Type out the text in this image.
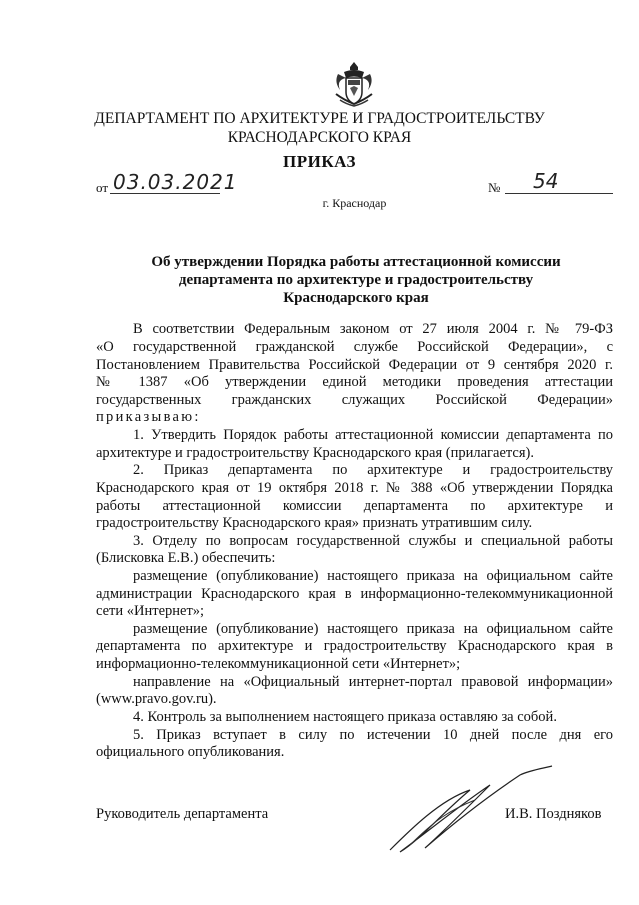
ДЕПАРТАМЕНТ ПО АРХИТЕКТУРЕ И ГРАДОСТРОИТЕЛЬСТВУ
КРАСНОДАРСКОГО КРАЯ
ПРИКАЗ
от 03.03.2021	№ 54
г. Краснодар
Об утверждении Порядка работы аттестационной комиссии
департамента по архитектуре и градостроительству
Краснодарского края
В соответствии Федеральным законом от 27 июля 2004 г. № 79-ФЗ
«О государственной гражданской службе Российской Федерации», с
Постановлением Правительства Российской Федерации от 9 сентября 2020 г.
№ 1387 «Об утверждении единой методики проведения аттестации
государственных гражданских служащих Российской Федерации»
приказываю:
1. Утвердить Порядок работы аттестационной комиссии департамента по
архитектуре и градостроительству Краснодарского края (прилагается).
2. Приказ департамента по архитектуре и градостроительству
Краснодарского края от 19 октября 2018 г. № 388 «Об утверждении Порядка
работы аттестационной комиссии департамента по архитектуре и
градостроительству Краснодарского края» признать утратившим силу.
3. Отделу по вопросам государственной службы и специальной работы
(Блисковка Е.В.) обеспечить:
размещение (опубликование) настоящего приказа на официальном сайте
администрации Краснодарского края в информационно-телекоммуникационной
сети «Интернет»;
размещение (опубликование) настоящего приказа на официальном сайте
департамента по архитектуре и градостроительству Краснодарского края в
информационно-телекоммуникационной сети «Интернет»;
направление на «Официальный интернет-портал правовой информации»
(www.pravo.gov.ru).
4. Контроль за выполнением настоящего приказа оставляю за собой.
5. Приказ вступает в силу по истечении 10 дней после дня его
официального опубликования.
Руководитель департамента	И.В. Поздняков
